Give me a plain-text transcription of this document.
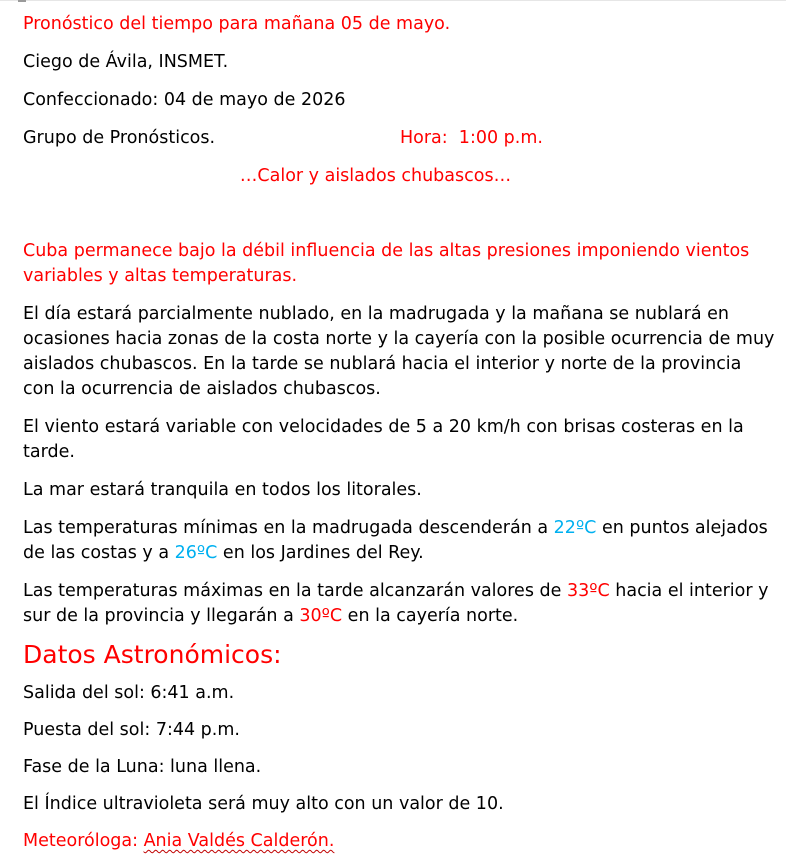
Pronóstico del tiempo para mañana 05 de mayo.

Ciego de Ávila, INSMET.

Confeccionado: 04 de mayo de 2026

Grupo de Pronósticos.	Hora:  1:00 p.m.

…Calor y aislados chubascos…

Cuba permanece bajo la débil influencia de las altas presiones imponiendo vientos variables y altas temperaturas.

El día estará parcialmente nublado, en la madrugada y la mañana se nublará en ocasiones hacia zonas de la costa norte y la cayería con la posible ocurrencia de muy aislados chubascos. En la tarde se nublará hacia el interior y norte de la provincia con la ocurrencia de aislados chubascos.

El viento estará variable con velocidades de 5 a 20 km/h con brisas costeras en la tarde.

La mar estará tranquila en todos los litorales.

Las temperaturas mínimas en la madrugada descenderán a 22ºC en puntos alejados de las costas y a 26ºC en los Jardines del Rey.

Las temperaturas máximas en la tarde alcanzarán valores de 33ºC hacia el interior y sur de la provincia y llegarán a 30ºC en la cayería norte.

Datos Astronómicos:

Salida del sol: 6:41 a.m.

Puesta del sol: 7:44 p.m.

Fase de la Luna: luna llena.

El Índice ultravioleta será muy alto con un valor de 10.

Meteoróloga: Ania Valdés Calderón.
